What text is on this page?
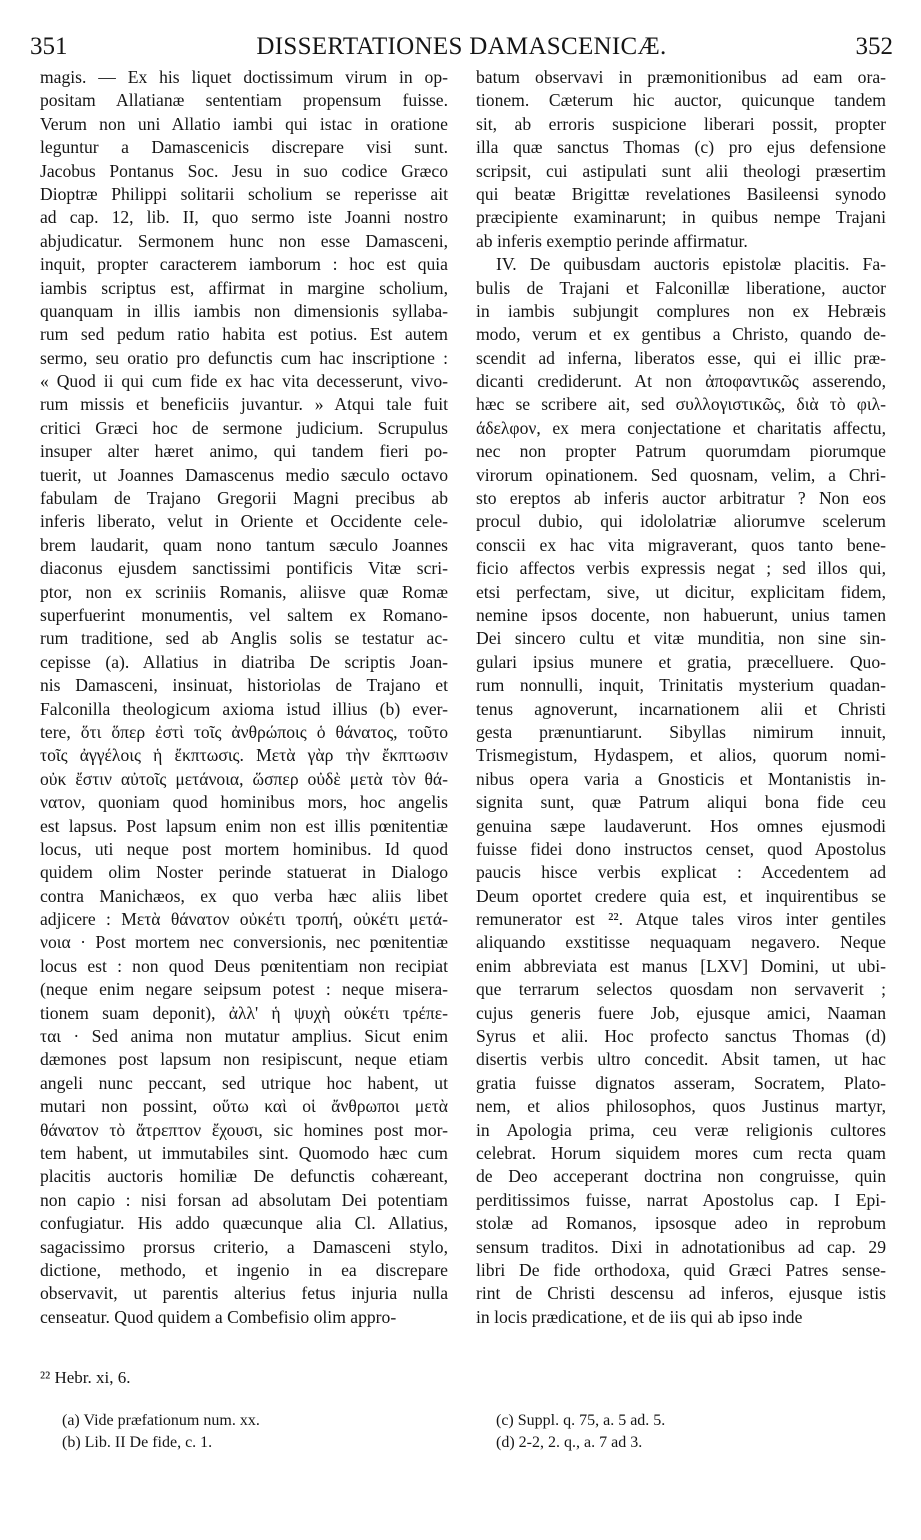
351	DISSERTATIONES DAMASCENICÆ.	352
magis. — Ex his liquet doctissimum virum in op-
positam Allatianæ sententiam propensum fuisse.
Verum non uni Allatio iambi qui istac in oratione
leguntur a Damascenicis discrepare visi sunt.
Jacobus Pontanus Soc. Jesu in suo codice Græco
Dioptræ Philippi solitarii scholium se reperisse ait
ad cap. 12, lib. II, quo sermo iste Joanni nostro
abjudicatur. Sermonem hunc non esse Damasceni,
inquit, propter caracterem iamborum : hoc est quia
iambis scriptus est, affirmat in margine scholium,
quanquam in illis iambis non dimensionis syllaba-
rum sed pedum ratio habita est potius. Est autem
sermo, seu oratio pro defunctis cum hac inscriptione :
« Quod ii qui cum fide ex hac vita decesserunt, vivo-
rum missis et beneficiis juvantur. » Atqui tale fuit
critici Græci hoc de sermone judicium. Scrupulus
insuper alter hæret animo, qui tandem fieri po-
tuerit, ut Joannes Damascenus medio sæculo octavo
fabulam de Trajano Gregorii Magni precibus ab
inferis liberato, velut in Oriente et Occidente cele-
brem laudarit, quam nono tantum sæculo Joannes
diaconus ejusdem sanctissimi pontificis Vitæ scri-
ptor, non ex scriniis Romanis, aliisve quæ Romæ
superfuerint monumentis, vel saltem ex Romano-
rum traditione, sed ab Anglis solis se testatur ac-
cepisse (a). Allatius in diatriba De scriptis Joan-
nis Damasceni, insinuat, historiolas de Trajano et
Falconilla theologicum axioma istud illius (b) ever-
tere, ὅτι ὅπερ ἐστὶ τοῖς ἀνθρώποις ὁ θάνατος, τοῦτο
τοῖς ἀγγέλοις ἡ ἔκπτωσις. Μετὰ γὰρ τὴν ἔκπτωσιν
οὐκ ἔστιν αὐτοῖς μετάνοια, ὥσπερ οὐδὲ μετὰ τὸν θά-
νατον, quoniam quod hominibus mors, hoc angelis
est lapsus. Post lapsum enim non est illis pœnitentiæ
locus, uti neque post mortem hominibus. Id quod
quidem olim Noster perinde statuerat in Dialogo
contra Manichæos, ex quo verba hæc aliis libet
adjicere : Μετὰ θάνατον οὐκέτι τροπή, οὐκέτι μετά-
νοια · Post mortem nec conversionis, nec pœnitentiæ
locus est : non quod Deus pœnitentiam non recipiat
(neque enim negare seipsum potest : neque misera-
tionem suam deponit), ἀλλ' ἡ ψυχὴ οὐκέτι τρέπε-
ται · Sed anima non mutatur amplius. Sicut enim
dæmones post lapsum non resipiscunt, neque etiam
angeli nunc peccant, sed utrique hoc habent, ut
mutari non possint, οὕτω καὶ οἱ ἄνθρωποι μετὰ
θάνατον τὸ ἄτρεπτον ἔχουσι, sic homines post mor-
tem habent, ut immutabiles sint. Quomodo hæc cum
placitis auctoris homiliæ De defunctis cohæreant,
non capio : nisi forsan ad absolutam Dei potentiam
confugiatur. His addo quæcunque alia Cl. Allatius,
sagacissimo prorsus criterio, a Damasceni stylo,
dictione, methodo, et ingenio in ea discrepare
observavit, ut parentis alterius fetus injuria nulla
censeatur. Quod quidem a Combefisio olim appro-
batum observavi in præmonitionibus ad eam ora-
tionem. Cæterum hic auctor, quicunque tandem
sit, ab erroris suspicione liberari possit, propter
illa quæ sanctus Thomas (c) pro ejus defensione
scripsit, cui astipulati sunt alii theologi præsertim
qui beatæ Brigittæ revelationes Basileensi synodo
præcipiente examinarunt; in quibus nempe Trajani
ab inferis exemptio perinde affirmatur.
IV. De quibusdam auctoris epistolæ placitis. Fa-
bulis de Trajani et Falconillæ liberatione, auctor
in iambis subjungit complures non ex Hebræis
modo, verum et ex gentibus a Christo, quando de-
scendit ad inferna, liberatos esse, qui ei illic præ-
dicanti crediderunt. At non ἀποφαντικῶς asserendo,
hæc se scribere ait, sed συλλογιστικῶς, διὰ τὸ φιλ-
άδελφον, ex mera conjectatione et charitatis affectu,
nec non propter Patrum quorumdam piorumque
virorum opinationem. Sed quosnam, velim, a Chri-
sto ereptos ab inferis auctor arbitratur ? Non eos
procul dubio, qui idololatriæ aliorumve scelerum
conscii ex hac vita migraverant, quos tanto bene-
ficio affectos verbis expressis negat ; sed illos qui,
etsi perfectam, sive, ut dicitur, explicitam fidem,
nemine ipsos docente, non habuerunt, unius tamen
Dei sincero cultu et vitæ munditia, non sine sin-
gulari ipsius munere et gratia, præcelluere. Quo-
rum nonnulli, inquit, Trinitatis mysterium quadan-
tenus agnoverunt, incarnationem alii et Christi
gesta prænuntiarunt. Sibyllas nimirum innuit,
Trismegistum, Hydaspem, et alios, quorum nomi-
nibus opera varia a Gnosticis et Montanistis in-
signita sunt, quæ Patrum aliqui bona fide ceu
genuina sæpe laudaverunt. Hos omnes ejusmodi
fuisse fidei dono instructos censet, quod Apostolus
paucis hisce verbis explicat : Accedentem ad
Deum oportet credere quia est, et inquirentibus se
remunerator est ²². Atque tales viros inter gentiles
aliquando exstitisse nequaquam negavero. Neque
enim abbreviata est manus [LXV] Domini, ut ubi-
que terrarum selectos quosdam non servaverit ;
cujus generis fuere Job, ejusque amici, Naaman
Syrus et alii. Hoc profecto sanctus Thomas (d)
disertis verbis ultro concedit. Absit tamen, ut hac
gratia fuisse dignatos asseram, Socratem, Plato-
nem, et alios philosophos, quos Justinus martyr,
in Apologia prima, ceu veræ religionis cultores
celebrat. Horum siquidem mores cum recta quam
de Deo acceperant doctrina non congruisse, quin
perditissimos fuisse, narrat Apostolus cap. I Epi-
stolæ ad Romanos, ipsosque adeo in reprobum
sensum traditos. Dixi in adnotationibus ad cap. 29
libri De fide orthodoxa, quid Græci Patres sense-
rint de Christi descensu ad inferos, ejusque istis
in locis prædicatione, et de iis qui ab ipso inde
²² Hebr. xi, 6.
(a) Vide præfationum num. xx.
(b) Lib. II De fide, c. 1.
(c) Suppl. q. 75, a. 5 ad. 5.
(d) 2-2, 2. q., a. 7 ad 3.
